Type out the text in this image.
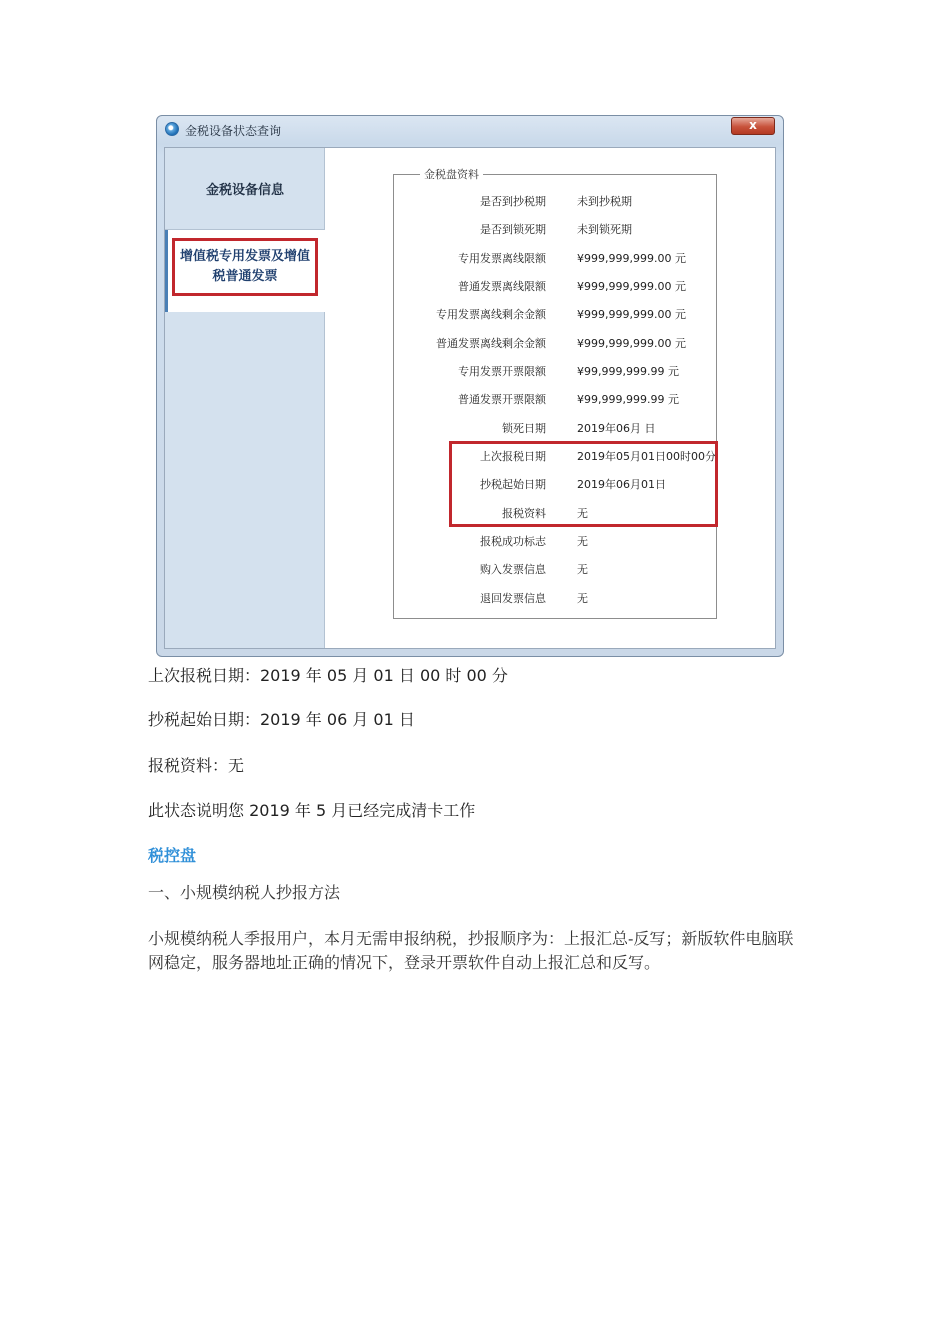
金税设备状态查询	x
金税设备信息
增值税专用发票及增值税普通发票
金税盘资料
是否到抄税期	未到抄税期
是否到锁死期	未到锁死期
专用发票离线限额	¥999,999,999.00 元
普通发票离线限额	¥999,999,999.00 元
专用发票离线剩余金额	¥999,999,999.00 元
普通发票离线剩余金额	¥999,999,999.00 元
专用发票开票限额	¥99,999,999.99 元
普通发票开票限额	¥99,999,999.99 元
锁死日期	2019年06月 日
上次报税日期	2019年05月01日00时00分
抄税起始日期	2019年06月01日
报税资料	无
报税成功标志	无
购入发票信息	无
退回发票信息	无
上次报税日期：2019 年 05 月 01 日 00 时 00 分
抄税起始日期：2019 年 06 月 01 日
报税资料：无
此状态说明您 2019 年 5 月已经完成清卡工作
税控盘
一、小规模纳税人抄报方法
小规模纳税人季报用户，本月无需申报纳税，抄报顺序为：上报汇总-反写；新版软件电脑联网稳定，服务器地址正确的情况下，登录开票软件自动上报汇总和反写。
